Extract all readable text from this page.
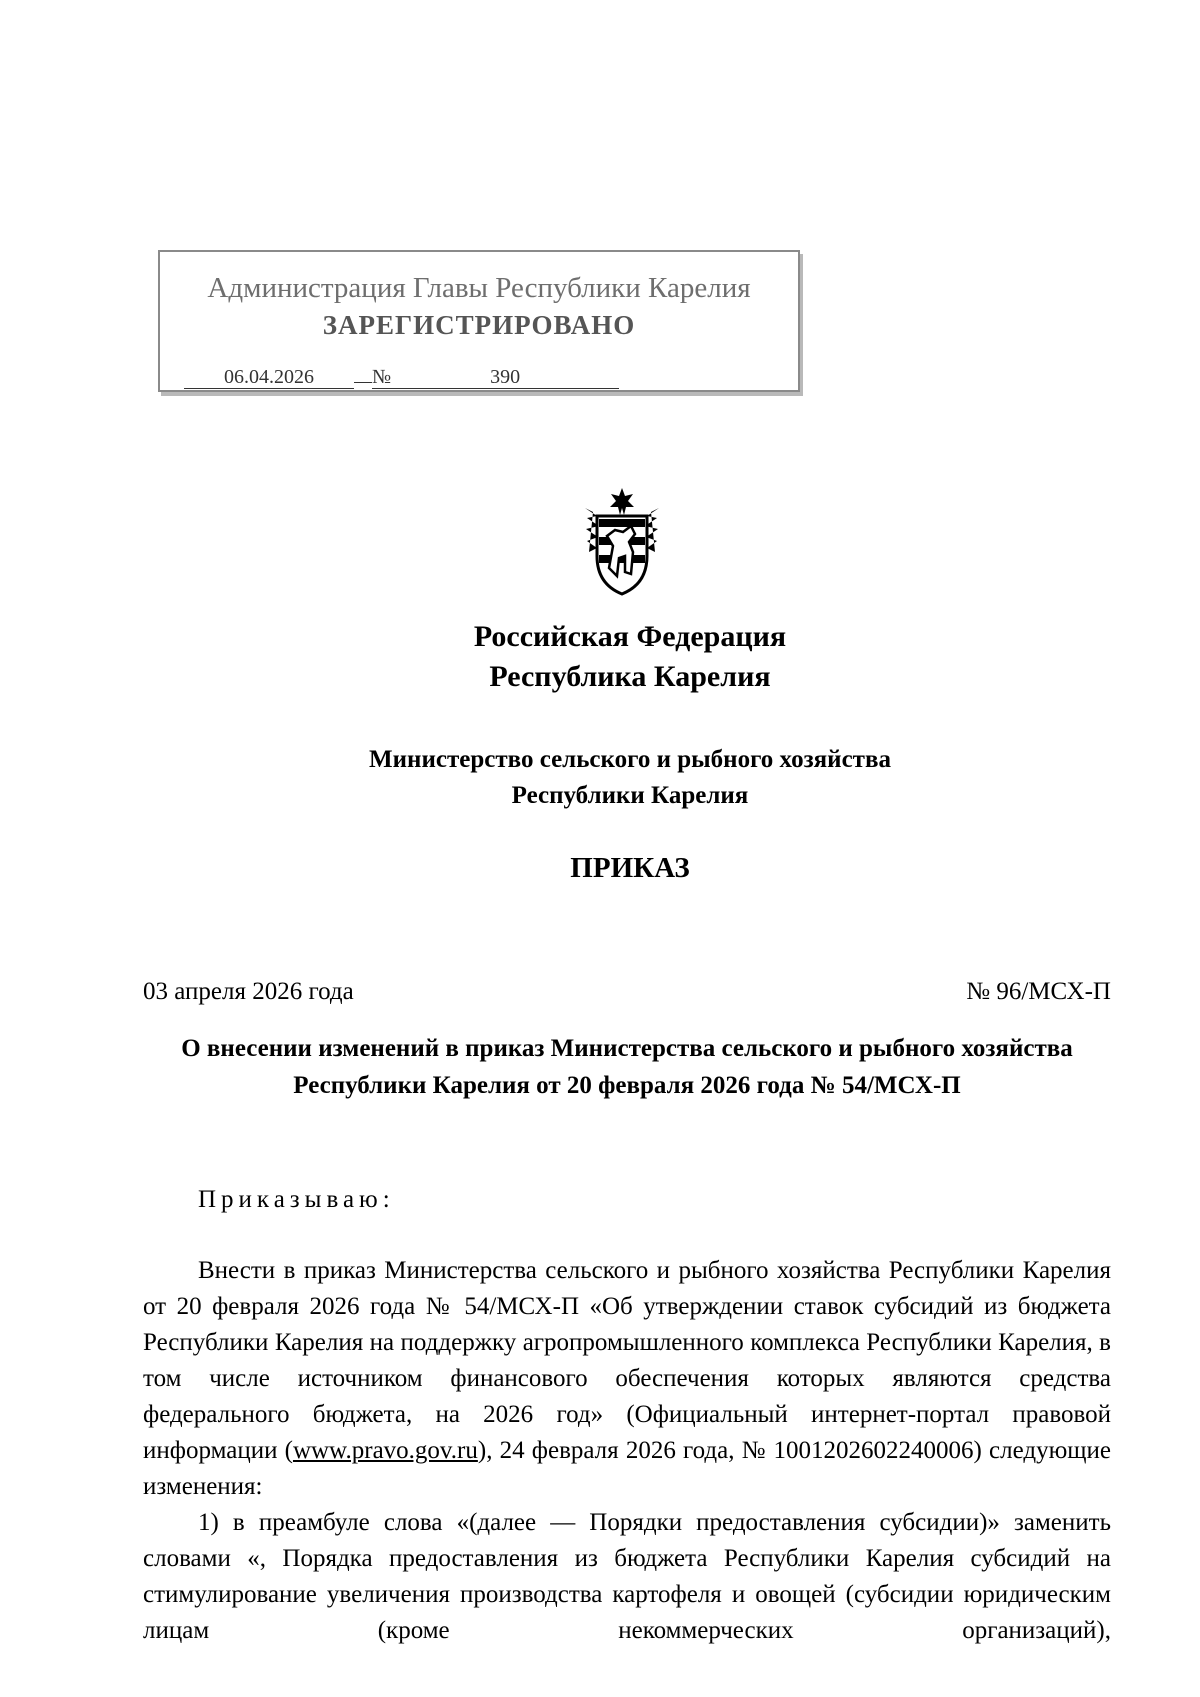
Администрация Главы Республики Карелия
ЗАРЕГИСТРИРОВАНО
06.04.2026	№	390
Российская Федерация
Республика Карелия
Министерство сельского и рыбного хозяйства
Республики Карелия
ПРИКАЗ
03 апреля 2026 года	№ 96/МСХ-П
О внесении изменений в приказ Министерства сельского и рыбного хозяйства Республики Карелия от 20 февраля 2026 года № 54/МСХ-П
Приказываю:

Внести в приказ Министерства сельского и рыбного хозяйства Республики Карелия от 20 февраля 2026 года № 54/МСХ-П «Об утверждении ставок субсидий из бюджета Республики Карелия на поддержку агропромышленного комплекса Республики Карелия, в том числе источником финансового обеспечения которых являются средства федерального бюджета, на 2026 год» (Официальный интернет-портал правовой информации (www.pravo.gov.ru), 24 февраля 2026 года, № 1001202602240006) следующие изменения:

1) в преамбуле слова «(далее — Порядки предоставления субсидии)» заменить словами «, Порядка предоставления из бюджета Республики Карелия субсидий на стимулирование увеличения производства картофеля и овощей (субсидии юридическим лицам (кроме некоммерческих организаций),
